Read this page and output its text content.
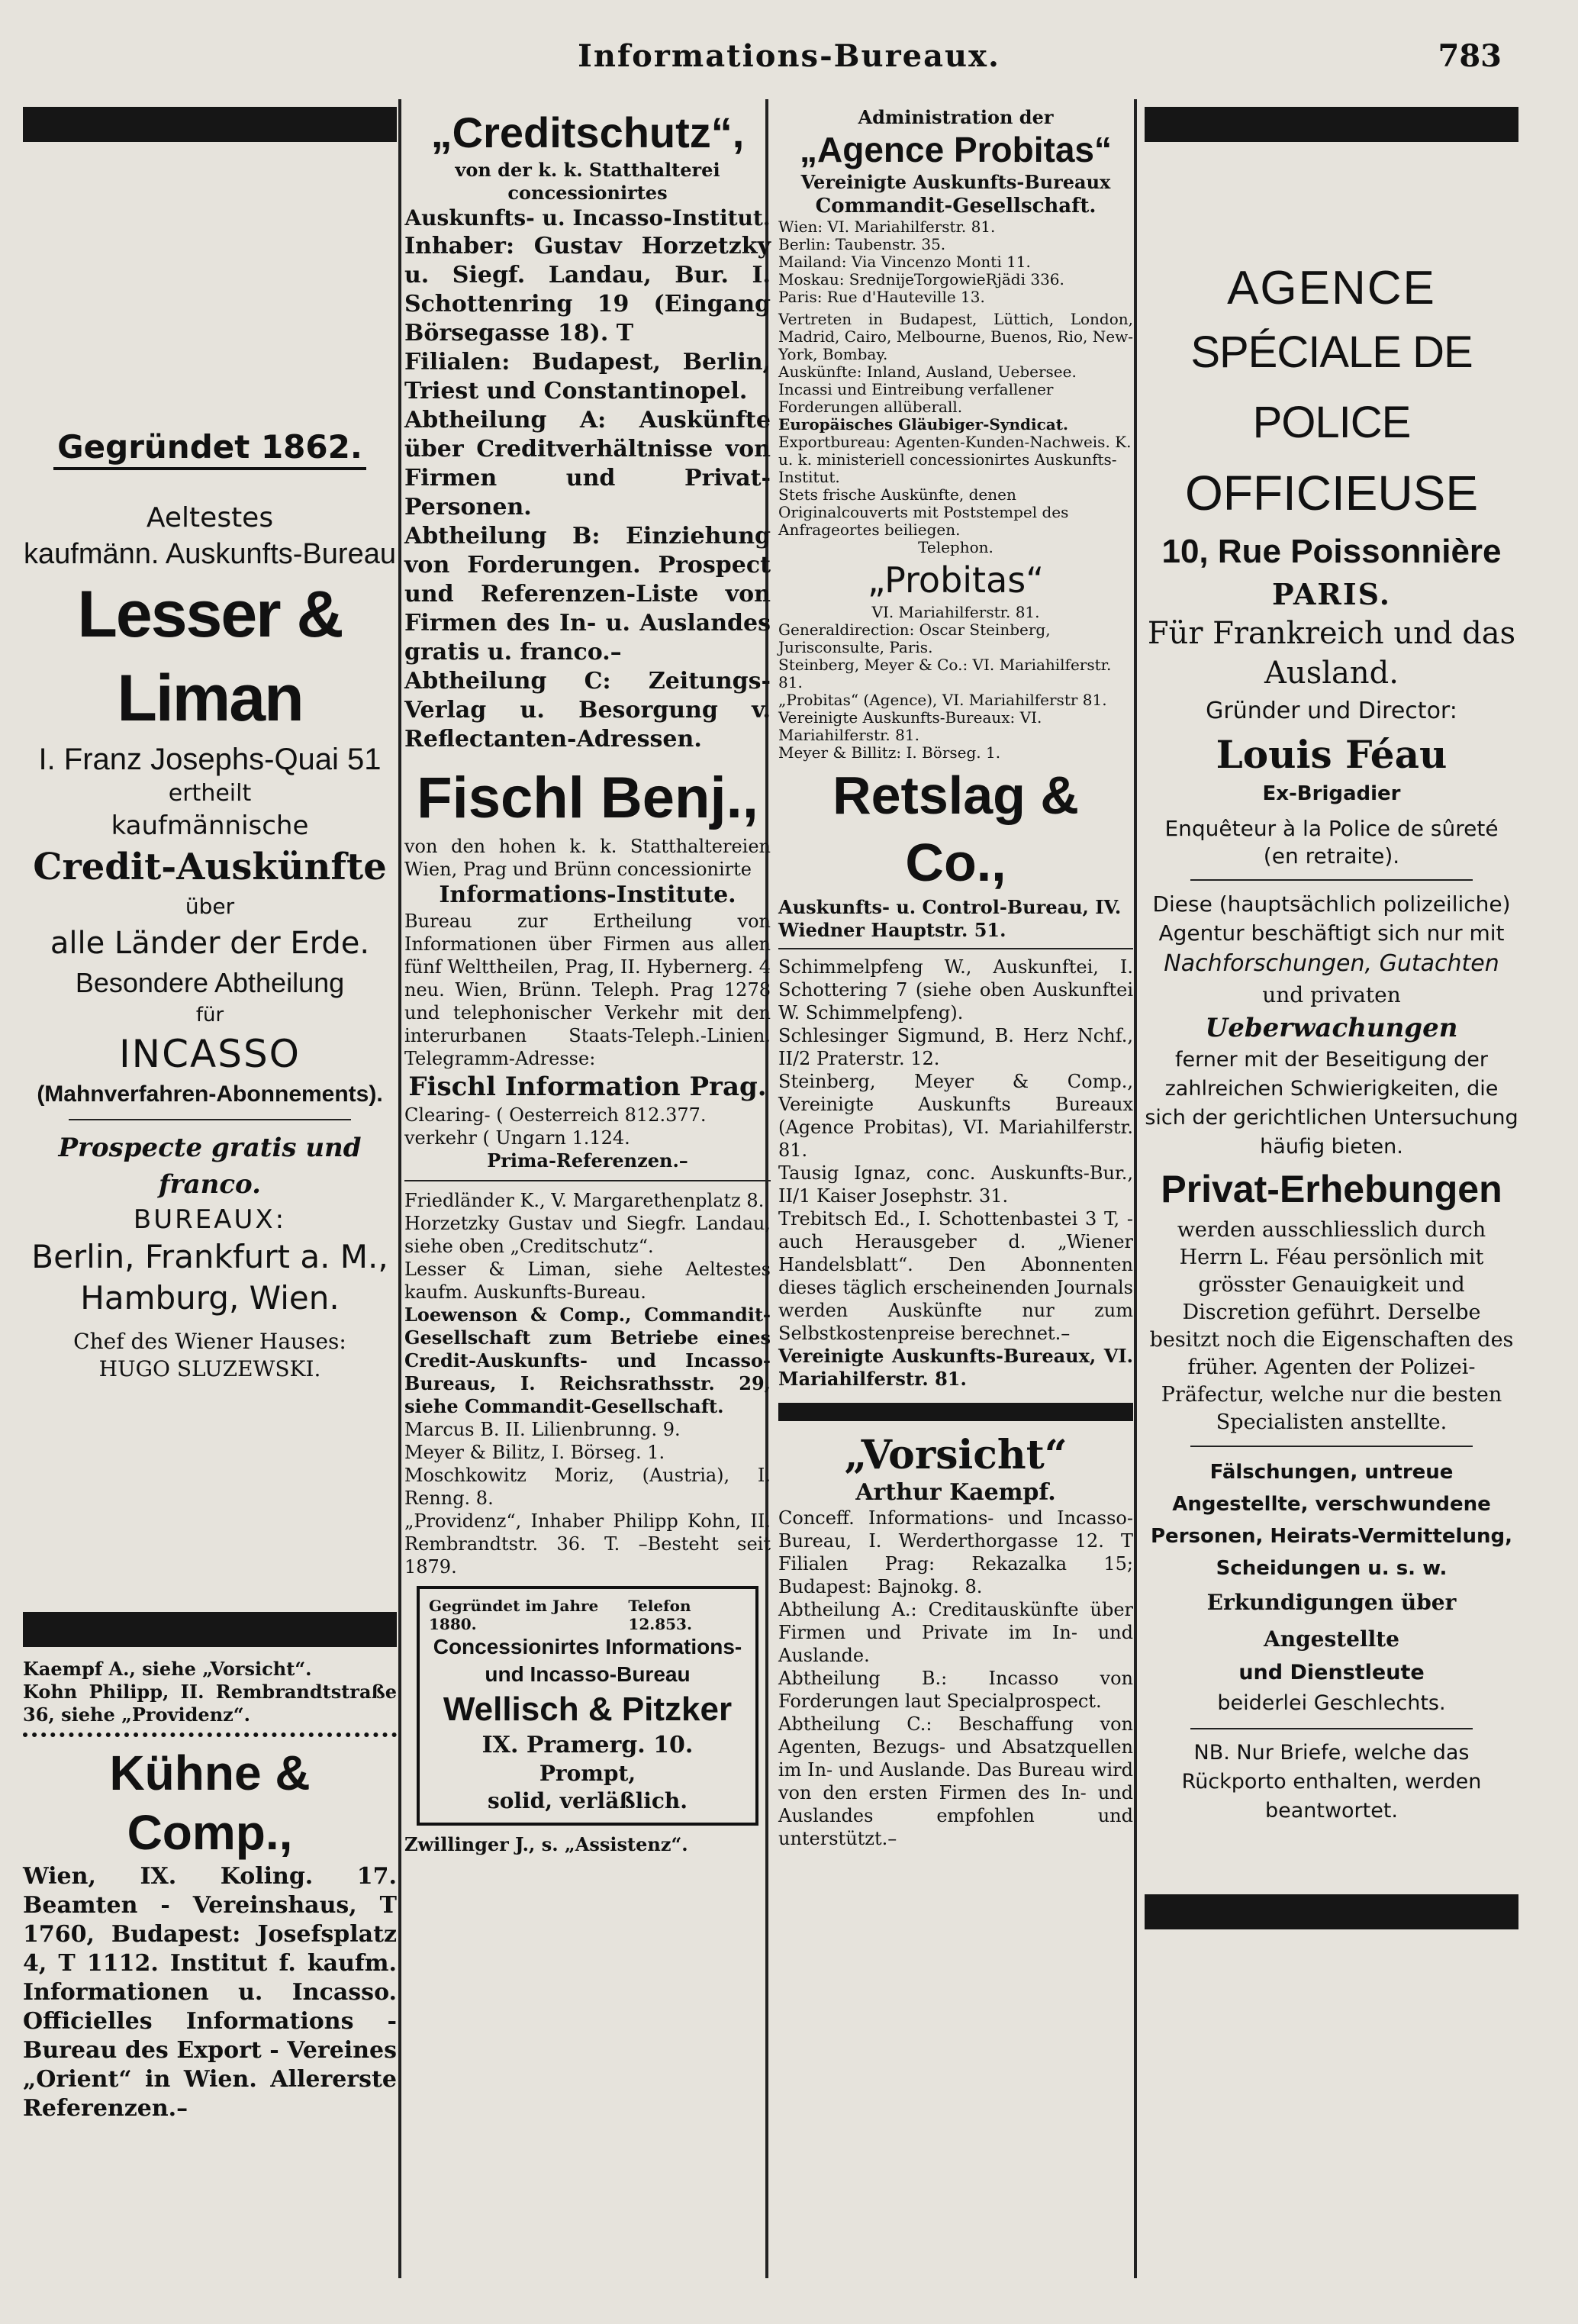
Informations-Bureaux.	783
Gegründet 1862.
Aeltestes
kaufmänn. Auskunfts-Bureau
Lesser & Liman
I. Franz Josephs-Quai 51
ertheilt
kaufmännische
Credit-Auskünfte
über
alle Länder der Erde.
Besondere Abtheilung
für
INCASSO
(Mahnverfahren-Abonnements).
Prospecte gratis und franco.
BUREAUX:
Berlin, Frankfurt a. M.,
Hamburg, Wien.
Chef des Wiener Hauses:
HUGO SLUZEWSKI.

Kaempf A., siehe „Vorsicht“.

Kohn Philipp, II. Rembrandtstraße 36, siehe „Providenz“.

Kühne & Comp.,

Wien, IX. Koling. 17. Beamten - Vereinshaus, T 1760, Budapest: Josefsplatz 4, T 1112. Institut f. kaufm. Informationen u. Incasso. Officielles Informations - Bureau des Export - Vereines „Orient“ in Wien. Allererste Referenzen.–

„Creditschutz“,

von der k. k. Statthalterei concessionirtes

Auskunfts- u. Incasso-Institut.

Inhaber: Gustav Horzetzky u. Siegf. Landau, Bur. I. Schottenring 19 (Eingang Börsegasse 18). T

Filialen: Budapest, Berlin, Triest und Constantinopel.

Abtheilung A: Auskünfte über Creditverhältnisse von Firmen und Privat-Personen.

Abtheilung B: Einziehung von Forderungen. Prospect und Referenzen-Liste von Firmen des In- u. Auslandes gratis u. franco.–

Abtheilung C: Zeitungs-Verlag u. Besorgung v. Reflectanten-Adressen.

Fischl Benj.,

von den hohen k. k. Statthaltereien Wien, Prag und Brünn concessionirte

Informations-Institute.

Bureau zur Ertheilung von Informationen über Firmen aus allen fünf Welttheilen, Prag, II. Hybernerg. 4 neu. Wien, Brünn. Teleph. Prag 1278 und telephonischer Verkehr mit den interurbanen Staats-Teleph.-Linien. Telegramm-Adresse:

Fischl Information Prag.

Clearing- ( Oesterreich 812.377. verkehr ( Ungarn 1.124.

Prima-Referenzen.–

Friedländer K., V. Margarethenplatz 8.

Horzetzky Gustav und Siegfr. Landau, siehe oben „Creditschutz“.

Lesser & Liman, siehe Aeltestes kaufm. Auskunfts-Bureau.

Loewenson & Comp., Commandit-Gesellschaft zum Betriebe eines Credit-Auskunfts- und Incasso-Bureaus, I. Reichsrathsstr. 29, siehe Commandit-Gesellschaft.

Marcus B. II. Lilienbrunng. 9.

Meyer & Bilitz, I. Börseg. 1.

Moschkowitz Moriz, (Austria), I. Renng. 8.

„Providenz“, Inhaber Philipp Kohn, II. Rembrandtstr. 36. T. –Besteht seit 1879.

Gegründet im Jahre 1880.
Telefon 12.853.

Concessionirtes Informations-

und Incasso-Bureau

Wellisch & Pitzker

IX. Pramerg. 10.

Prompt,

solid, verläßlich.

Zwillinger J., s. „Assistenz“.

Administration der

„Agence Probitas“

Vereinigte Auskunfts-Bureaux

Commandit-Gesellschaft.

Wien: VI. Mariahilferstr. 81.

Berlin: Taubenstr. 35.

Mailand: Via Vincenzo Monti 11.

Moskau: SrednijeTorgowieRjädi 336.

Paris: Rue d'Hauteville 13.

Vertreten in Budapest, Lüttich, London, Madrid, Cairo, Melbourne, Buenos, Rio, New-York, Bombay.

Auskünfte: Inland, Ausland, Uebersee.

Incassi und Eintreibung verfallener Forderungen allüberall.

Europäisches Gläubiger-Syndicat.

Exportbureau: Agenten-Kunden-Nachweis. K. u. k. ministeriell concessionirtes Auskunfts-Institut.

Stets frische Auskünfte, denen Originalcouverts mit Poststempel des Anfrageortes beiliegen.

Telephon.

„Probitas“

VI. Mariahilferstr. 81.

Generaldirection: Oscar Steinberg, Jurisconsulte, Paris.

Steinberg, Meyer & Co.: VI. Mariahilferstr. 81.

„Probitas“ (Agence), VI. Mariahilferstr 81.

Vereinigte Auskunfts-Bureaux: VI. Mariahilferstr. 81.

Meyer & Billitz: I. Börseg. 1.

Retslag & Co.,

Auskunfts- u. Control-Bureau, IV. Wiedner Hauptstr. 51.

Schimmelpfeng W., Auskunftei, I. Schottering 7 (siehe oben Auskunftei W. Schimmelpfeng).

Schlesinger Sigmund, B. Herz Nchf., II/2 Praterstr. 12.

Steinberg, Meyer & Comp., Vereinigte Auskunfts Bureaux (Agence Probitas), VI. Mariahilferstr. 81.

Tausig Ignaz, conc. Auskunfts-Bur., II/1 Kaiser Josephstr. 31.

Trebitsch Ed., I. Schottenbastei 3 T, -auch Herausgeber d. „Wiener Handelsblatt“. Den Abonnenten dieses täglich erscheinenden Journals werden Auskünfte nur zum Selbstkostenpreise berechnet.–

Vereinigte Auskunfts-Bureaux, VI. Mariahilferstr. 81.

„Vorsicht“

Arthur Kaempf.

Conceff. Informations- und Incasso-Bureau, I. Werderthorgasse 12. T Filialen Prag: Rekazalka 15; Budapest: Bajnokg. 8.

Abtheilung A.: Creditauskünfte über Firmen und Private im In- und Auslande.

Abtheilung B.: Incasso von Forderungen laut Specialprospect.

Abtheilung C.: Beschaffung von Agenten, Bezugs- und Absatzquellen im In- und Auslande. Das Bureau wird von den ersten Firmen des In- und Auslandes empfohlen und unterstützt.–

AGENCE

SPÉCIALE DE POLICE

OFFICIEUSE

10, Rue Poissonnière

PARIS.

Für Frankreich und das Ausland.

Gründer und Director:

Louis Féau

Ex-Brigadier

Enquêteur à la Police de sûreté (en retraite).

Diese (hauptsächlich polizeiliche) Agentur beschäftigt sich nur mit

Nachforschungen, Gutachten

und privaten

Ueberwachungen

ferner mit der Beseitigung der zahlreichen Schwierigkeiten, die sich der gerichtlichen Untersuchung häufig bieten.

Privat-Erhebungen

werden ausschliesslich durch Herrn L. Féau persönlich mit grösster Genauigkeit und Discretion geführt. Derselbe besitzt noch die Eigenschaften des früher. Agenten der Polizei-Präfectur, welche nur die besten Specialisten anstellte.

Fälschungen, untreue Angestellte, verschwundene Personen, Heirats-Vermittelung, Scheidungen u. s. w.

Erkundigungen über Angestellte

und Dienstleute

beiderlei Geschlechts.

NB. Nur Briefe, welche das Rückporto enthalten, werden beantwortet.
